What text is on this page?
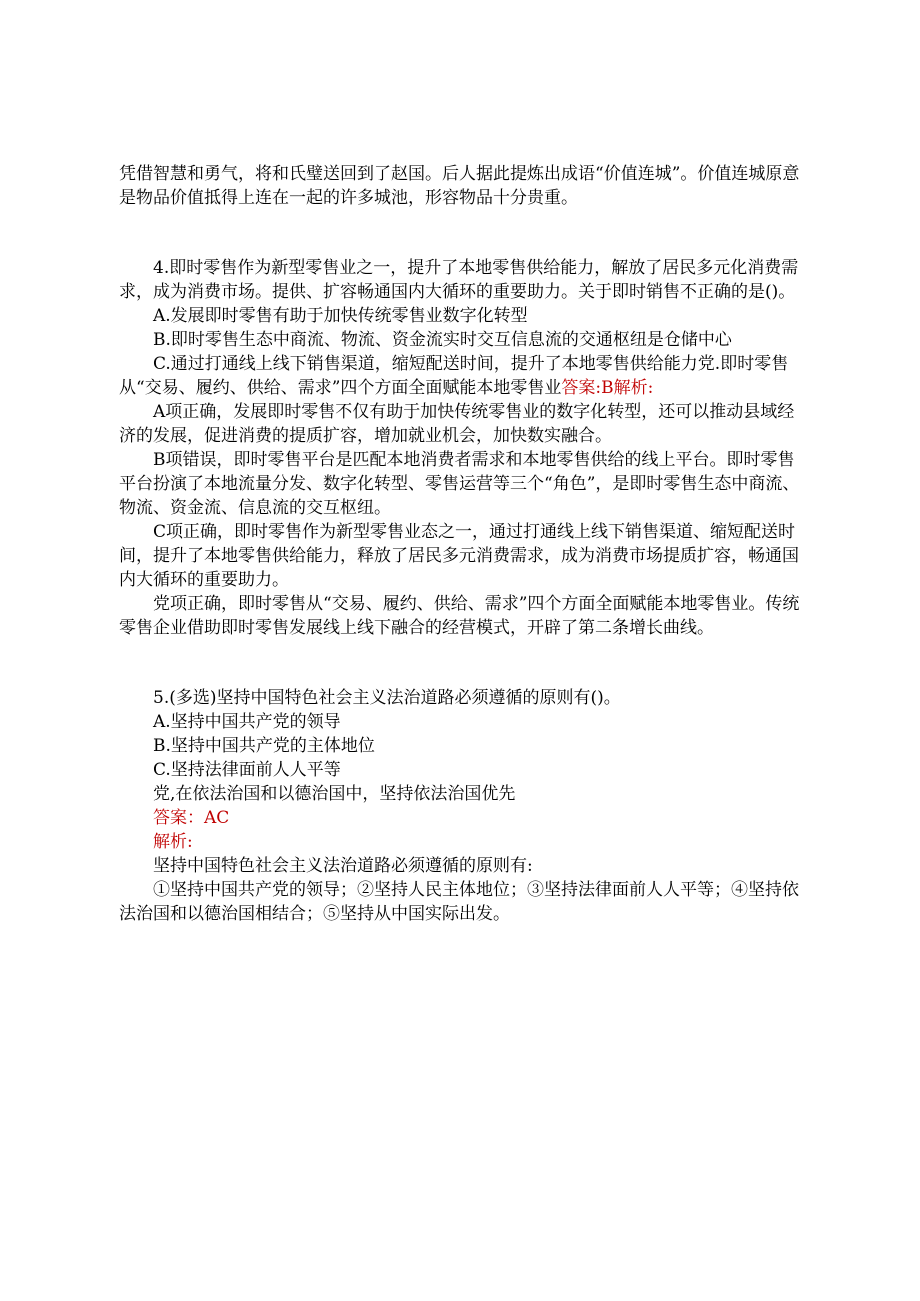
凭借智慧和勇气，将和氏璧送回到了赵国。后人据此提炼出成语“价值连城”。价值连城原意是物品价值抵得上连在一起的许多城池，形容物品十分贵重。

4.即时零售作为新型零售业之一，提升了本地零售供给能力，解放了居民多元化消费需求，成为消费市场。提供、扩容畅通国内大循环的重要助力。关于即时销售不正确的是()。

A.发展即时零售有助于加快传统零售业数字化转型

B.即时零售生态中商流、物流、资金流实时交互信息流的交通枢纽是仓储中心

C.通过打通线上线下销售渠道，缩短配送时间，提升了本地零售供给能力党.即时零售从“交易、履约、供给、需求”四个方面全面赋能本地零售业答案:B解析:

A项正确，发展即时零售不仅有助于加快传统零售业的数字化转型，还可以推动县域经济的发展，促进消费的提质扩容，增加就业机会，加快数实融合。

B项错误，即时零售平台是匹配本地消费者需求和本地零售供给的线上平台。即时零售平台扮演了本地流量分发、数字化转型、零售运营等三个“角色”，是即时零售生态中商流、物流、资金流、信息流的交互枢纽。

C项正确，即时零售作为新型零售业态之一，通过打通线上线下销售渠道、缩短配送时间，提升了本地零售供给能力，释放了居民多元消费需求，成为消费市场提质扩容，畅通国内大循环的重要助力。

党项正确，即时零售从“交易、履约、供给、需求”四个方面全面赋能本地零售业。传统零售企业借助即时零售发展线上线下融合的经营模式，开辟了第二条增长曲线。

5.(多选)坚持中国特色社会主义法治道路必须遵循的原则有()。

A.坚持中国共产党的领导

B.坚持中国共产党的主体地位

C.坚持法律面前人人平等

党,在依法治国和以德治国中，坚持依法治国优先

答案：AC

解析:

坚持中国特色社会主义法治道路必须遵循的原则有:

①坚持中国共产党的领导；②坚持人民主体地位；③坚持法律面前人人平等；④坚持依法治国和以德治国相结合；⑤坚持从中国实际出发。
